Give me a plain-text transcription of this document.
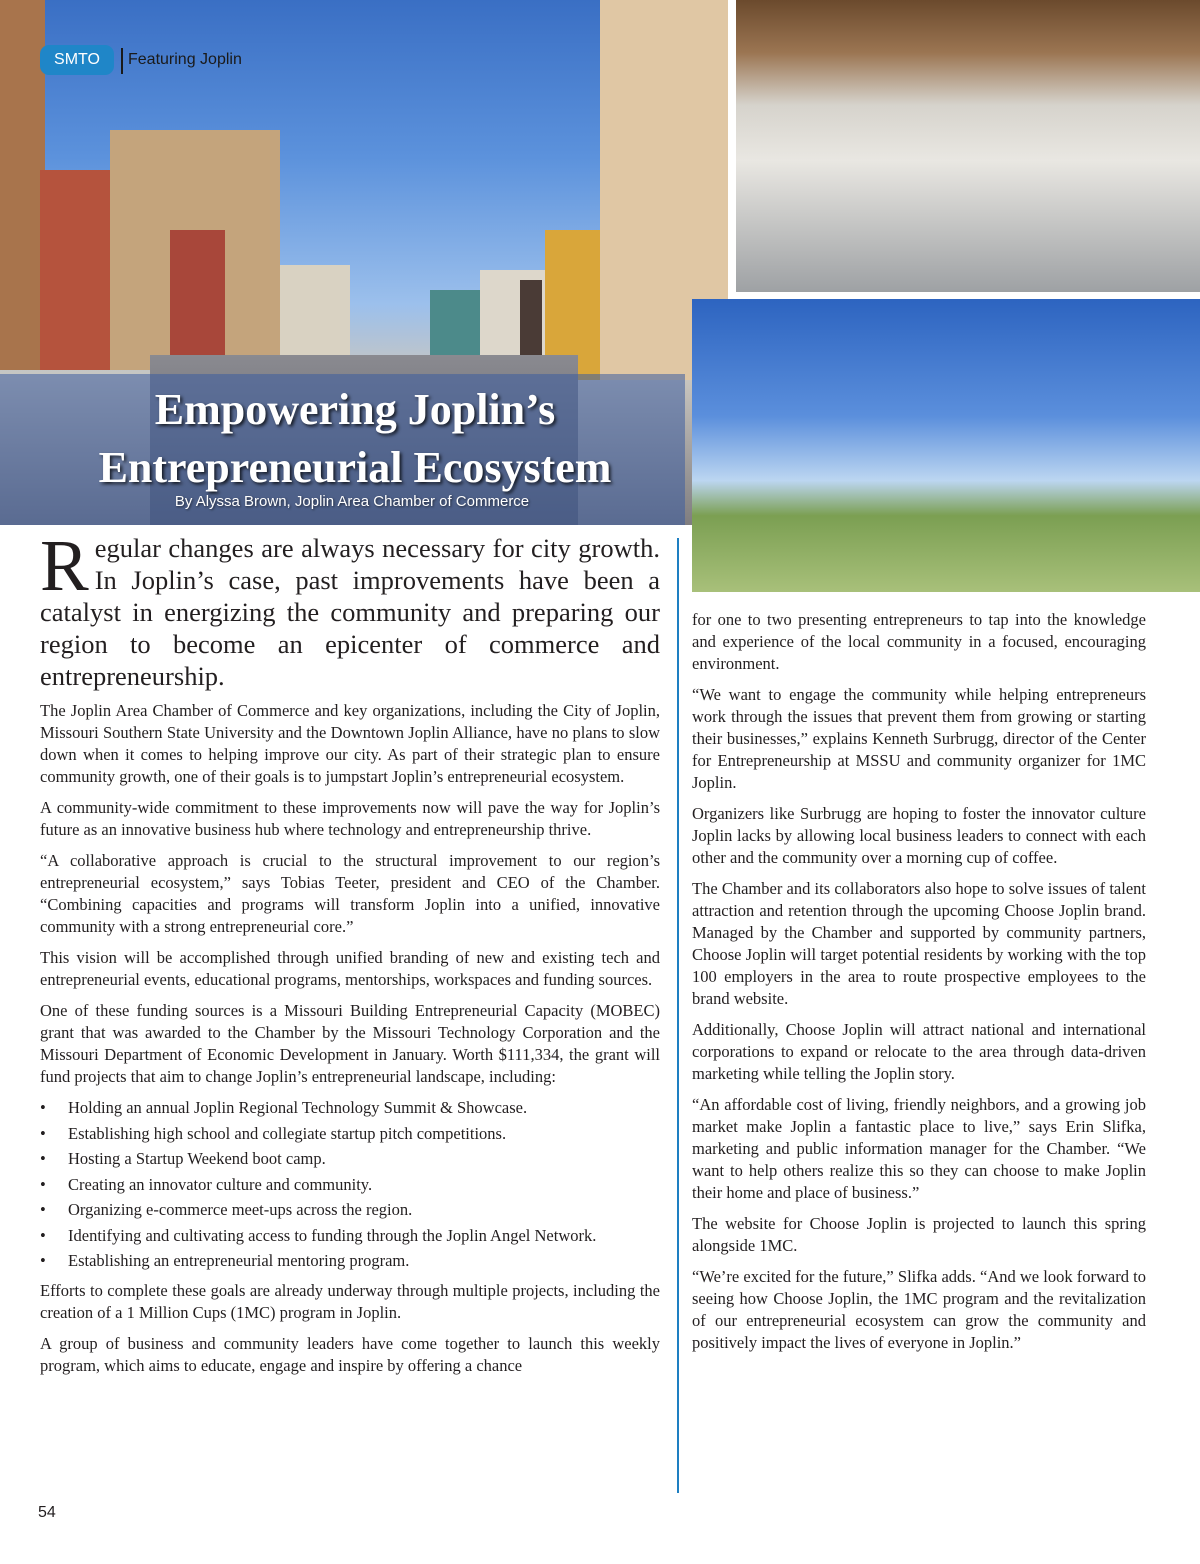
SMTO	Featuring Joplin
Empowering Joplin’s
Entrepreneurial Ecosystem
By Alyssa Brown, Joplin Area Chamber of Commerce

Regular changes are always necessary for city growth. In Joplin’s case, past improvements have been a catalyst in energizing the community and preparing our region to become an epicenter of commerce and entrepreneurship.

The Joplin Area Chamber of Commerce and key organizations, including the City of Joplin, Missouri Southern State University and the Downtown Joplin Alliance, have no plans to slow down when it comes to helping improve our city. As part of their strategic plan to ensure community growth, one of their goals is to jumpstart Joplin’s entrepreneurial ecosystem.

A community-wide commitment to these improvements now will pave the way for Joplin’s future as an innovative business hub where technology and entrepreneurship thrive.

“A collaborative approach is crucial to the structural improvement to our region’s entrepreneurial ecosystem,” says Tobias Teeter, president and CEO of the Chamber. “Combining capacities and programs will transform Joplin into a unified, innovative community with a strong entrepreneurial core.”

This vision will be accomplished through unified branding of new and existing tech and entrepreneurial events, educational programs, mentorships, workspaces and funding sources.

One of these funding sources is a Missouri Building Entrepreneurial Capacity (MOBEC) grant that was awarded to the Chamber by the Missouri Technology Corporation and the Missouri Department of Economic Development in January. Worth $111,334, the grant will fund projects that aim to change Joplin’s entrepreneurial landscape, including:

• Holding an annual Joplin Regional Technology Summit & Showcase.
• Establishing high school and collegiate startup pitch competitions.
• Hosting a Startup Weekend boot camp.
• Creating an innovator culture and community.
• Organizing e-commerce meet-ups across the region.
• Identifying and cultivating access to funding through the Joplin Angel Network.
• Establishing an entrepreneurial mentoring program.

Efforts to complete these goals are already underway through multiple projects, including the creation of a 1 Million Cups (1MC) program in Joplin.

A group of business and community leaders have come together to launch this weekly program, which aims to educate, engage and inspire by offering a chance

for one to two presenting entrepreneurs to tap into the knowledge and experience of the local community in a focused, encouraging environment.

“We want to engage the community while helping entrepreneurs work through the issues that prevent them from growing or starting their businesses,” explains Kenneth Surbrugg, director of the Center for Entrepreneurship at MSSU and community organizer for 1MC Joplin.

Organizers like Surbrugg are hoping to foster the innovator culture Joplin lacks by allowing local business leaders to connect with each other and the community over a morning cup of coffee.

The Chamber and its collaborators also hope to solve issues of talent attraction and retention through the upcoming Choose Joplin brand. Managed by the Chamber and supported by community partners, Choose Joplin will target potential residents by working with the top 100 employers in the area to route prospective employees to the brand website.

Additionally, Choose Joplin will attract national and international corporations to expand or relocate to the area through data-driven marketing while telling the Joplin story.

“An affordable cost of living, friendly neighbors, and a growing job market make Joplin a fantastic place to live,” says Erin Slifka, marketing and public information manager for the Chamber. “We want to help others realize this so they can choose to make Joplin their home and place of business.”

The website for Choose Joplin is projected to launch this spring alongside 1MC.

“We’re excited for the future,” Slifka adds. “And we look forward to seeing how Choose Joplin, the 1MC program and the revitalization of our entrepreneurial ecosystem can grow the community and positively impact the lives of everyone in Joplin.”

54
